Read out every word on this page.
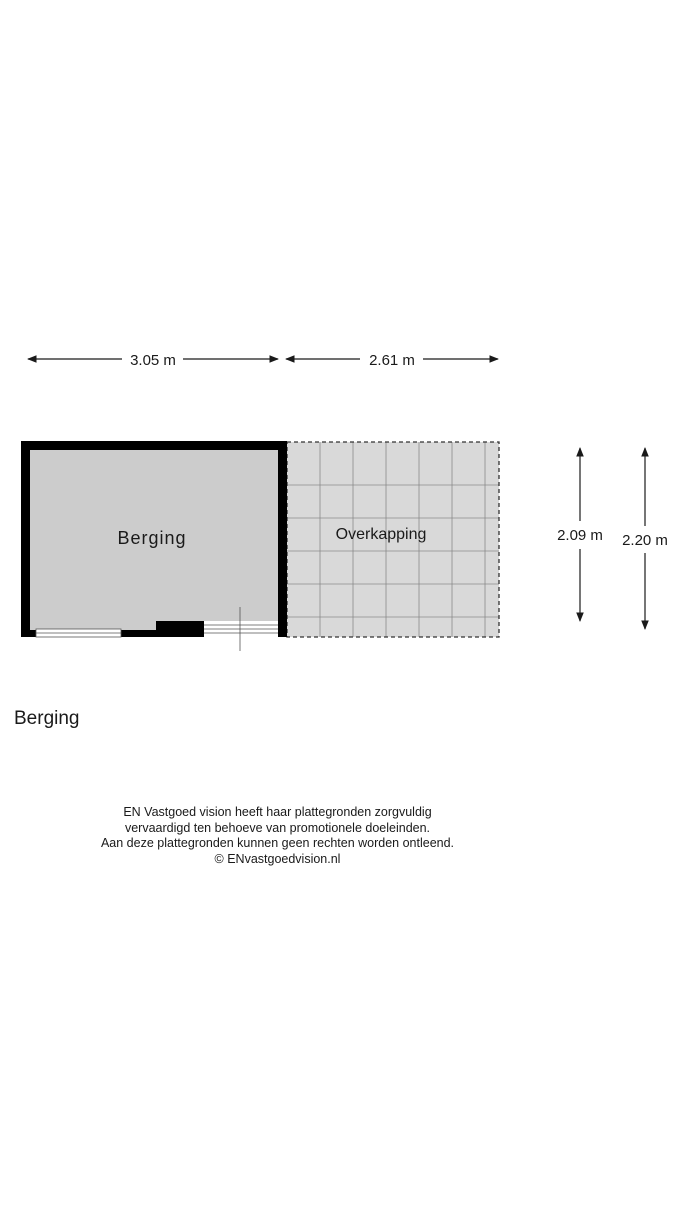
3.05 m	2.61 m
Overkapping
Berging	2.09 m 2.20 m
Berging
EN Vastgoed vision heeft haar plattegronden zorgvuldig
vervaardigd ten behoeve van promotionele doeleinden.
Aan deze plattegronden kunnen geen rechten worden ontleend.
© ENvastgoedvision.nl
